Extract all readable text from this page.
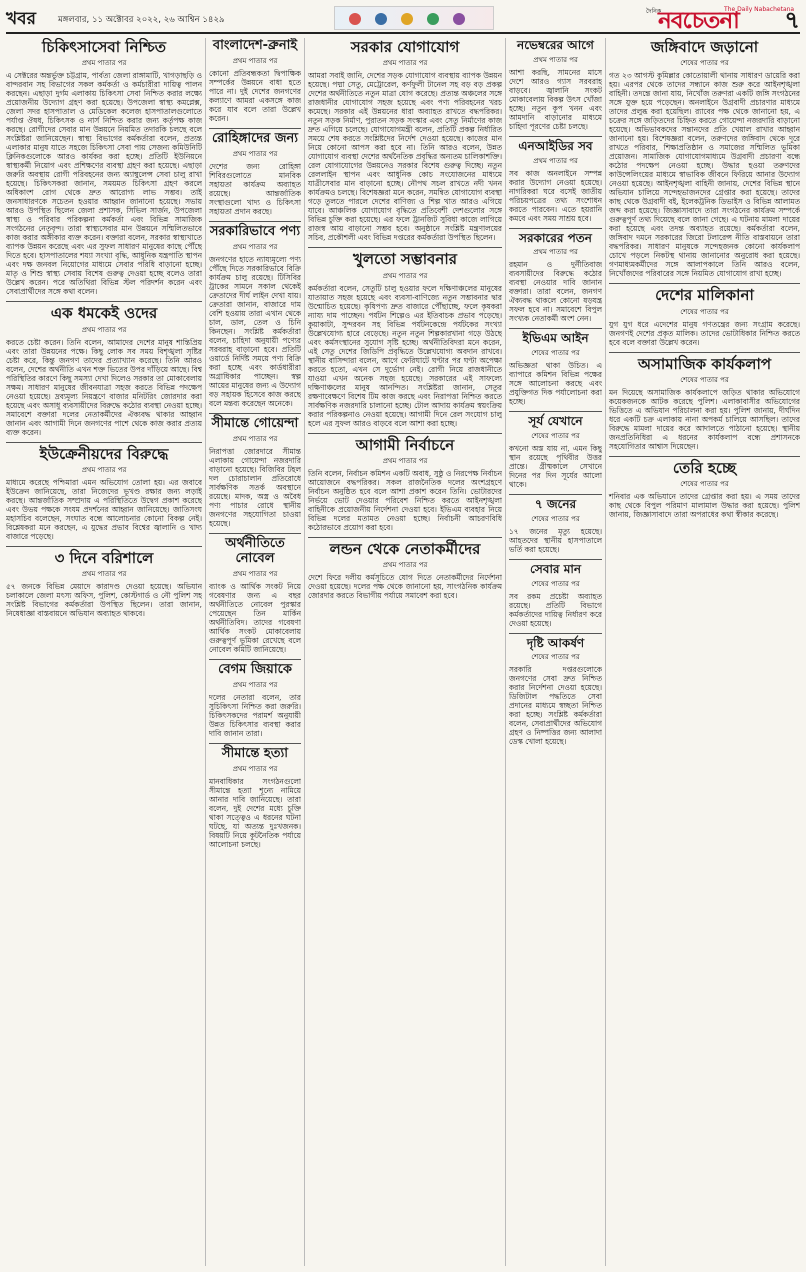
খবর	মঙ্গলবার, ১১ অক্টোবর ২০২২, ২৬ আশ্বিন ১৪২৯
দৈনিক
নবচেতনা
The Daily Nabachetana
৭
চিকিৎসাসেবা নিশ্চিত
প্রথম পাতার পর

এ সেক্টরের অন্তর্ভুক্ত চট্টগ্রাম, পার্বত্য জেলা রাঙ্গামাটি, খাগড়াছড়ি ও বান্দরবান সহ বিভাগের সকল কর্মকর্তা ও কর্মচারীরা দায়িত্ব পালন করছেন। এছাড়া দুর্গম এলাকায় চিকিৎসা সেবা নিশ্চিত করার লক্ষ্যে প্রয়োজনীয় উদ্যোগ গ্রহণ করা হয়েছে। উপজেলা স্বাস্থ্য কমপ্লেক্স, জেলা সদর হাসপাতাল ও মেডিকেল কলেজ হাসপাতালগুলোতে পর্যাপ্ত ঔষধ, চিকিৎসক ও নার্স নিশ্চিত করার জন্য কর্তৃপক্ষ কাজ করছে। রোগীদের সেবার মান উন্নয়নে নিয়মিত তদারকি চলছে বলে সংশ্লিষ্টরা জানিয়েছেন। স্বাস্থ্য বিভাগের কর্মকর্তারা বলেন, প্রত্যন্ত এলাকার মানুষ যাতে সহজে চিকিৎসা সেবা পায় সেজন্য কমিউনিটি ক্লিনিকগুলোকে আরও কার্যকর করা হচ্ছে। প্রতিটি ইউনিয়নে স্বাস্থ্যকর্মী নিয়োগ এবং প্রশিক্ষণের ব্যবস্থা গ্রহণ করা হয়েছে। এছাড়া জরুরি অবস্থায় রোগী পরিবহনের জন্য অ্যাম্বুলেন্স সেবা চালু রাখা হয়েছে। চিকিৎসকরা জানান, সময়মত চিকিৎসা গ্রহণ করলে অধিকাংশ রোগ থেকে দ্রুত আরোগ্য লাভ সম্ভব। তাই জনসাধারণকে সচেতন হওয়ার আহ্বান জানানো হয়েছে। সভায় আরও উপস্থিত ছিলেন জেলা প্রশাসক, সিভিল সার্জন, উপজেলা স্বাস্থ্য ও পরিবার পরিকল্পনা কর্মকর্তা এবং বিভিন্ন সামাজিক সংগঠনের নেতৃবৃন্দ। তারা স্বাস্থ্যসেবার মান উন্নয়নে সম্মিলিতভাবে কাজ করার অঙ্গীকার ব্যক্ত করেন। বক্তারা বলেন, সরকার স্বাস্থ্যখাতে ব্যাপক উন্নয়ন করেছে এবং এর সুফল সাধারণ মানুষের কাছে পৌঁছে দিতে হবে। হাসপাতালের শয্যা সংখ্যা বৃদ্ধি, আধুনিক যন্ত্রপাতি স্থাপন এবং দক্ষ জনবল নিয়োগের মাধ্যমে সেবার পরিধি বাড়ানো হচ্ছে। মাতৃ ও শিশু স্বাস্থ্য সেবায় বিশেষ গুরুত্ব দেওয়া হচ্ছে বলেও তারা উল্লেখ করেন। পরে অতিথিরা বিভিন্ন স্টল পরিদর্শন করেন এবং সেবাপ্রার্থীদের সঙ্গে কথা বলেন।

এক ধমকেই ওদের
প্রথম পাতার পর

করতে চেষ্টা করেন। তিনি বলেন, আমাদের দেশের মানুষ শান্তিপ্রিয় এবং তারা উন্নয়নের পক্ষে। কিছু লোক সব সময় বিশৃঙ্খলা সৃষ্টির চেষ্টা করে, কিন্তু জনগণ তাদের প্রত্যাখ্যান করেছে। তিনি আরও বলেন, দেশের অর্থনীতি এখন শক্ত ভিতের উপর দাঁড়িয়ে আছে। বিশ্ব পরিস্থিতির কারণে কিছু সমস্যা দেখা দিলেও সরকার তা মোকাবেলায় সক্ষম। সাধারণ মানুষের জীবনযাত্রা সহজ করতে বিভিন্ন পদক্ষেপ নেওয়া হয়েছে। দ্রব্যমূল্য নিয়ন্ত্রণে বাজার মনিটরিং জোরদার করা হয়েছে এবং অসাধু ব্যবসায়ীদের বিরুদ্ধে কঠোর ব্যবস্থা নেওয়া হচ্ছে। সমাবেশে বক্তারা দলের নেতাকর্মীদের ঐক্যবদ্ধ থাকার আহ্বান জানান এবং আগামী দিনে জনগণের পাশে থেকে কাজ করার প্রত্যয় ব্যক্ত করেন।

ইউক্রেনীয়দের বিরুদ্ধে
প্রথম পাতার পর

মাধ্যমে করেছে পশ্চিমারা এমন অভিযোগ তোলা হয়। এর জবাবে ইউক্রেন জানিয়েছে, তারা নিজেদের ভূখণ্ড রক্ষার জন্য লড়াই করছে। আন্তর্জাতিক সম্প্রদায় এ পরিস্থিতিতে উদ্বেগ প্রকাশ করেছে এবং উভয় পক্ষকে সংযম প্রদর্শনের আহ্বান জানিয়েছে। জাতিসংঘ মহাসচিব বলেছেন, সংঘাত বন্ধে আলোচনার কোনো বিকল্প নেই। বিশ্লেষকরা মনে করছেন, এ যুদ্ধের প্রভাব বিশ্বের জ্বালানি ও খাদ্য বাজারে পড়েছে।

৩ দিনে বরিশালে
প্রথম পাতার পর

৫৭ জনকে বিভিন্ন মেয়াদে কারাদণ্ড দেওয়া হয়েছে। অভিযান চলাকালে জেলা মৎস্য অফিস, পুলিশ, কোস্টগার্ড ও নৌ পুলিশ সহ সংশ্লিষ্ট বিভাগের কর্মকর্তারা উপস্থিত ছিলেন। তারা জানান, নিষেধাজ্ঞা বাস্তবায়নে অভিযান অব্যাহত থাকবে।

বাংলাদেশ-ব্রুনাই
প্রথম পাতার পর

কোনো প্রতিবন্ধকতা দ্বিপাক্ষিক সম্পর্কের উন্নয়নে বাধা হতে পারে না। দুই দেশের জনগণের কল্যাণে আমরা একসঙ্গে কাজ করে যাব বলে তারা উল্লেখ করেন।

রোহিঙ্গাদের জন্য
প্রথম পাতার পর

দেশের জন্য রোহিঙ্গা শিবিরগুলোতে মানবিক সহায়তা কার্যক্রম অব্যাহত রয়েছে। আন্তর্জাতিক সংস্থাগুলো খাদ্য ও চিকিৎসা সহায়তা প্রদান করছে।

সরকারিভাবে পণ্য
প্রথম পাতার পর

জনগণের হাতে ন্যায্যমূল্যে পণ্য পৌঁছে দিতে সরকারিভাবে বিক্রি কার্যক্রম চালু রয়েছে। টিসিবির ট্রাকের সামনে সকাল থেকেই ক্রেতাদের দীর্ঘ লাইন দেখা যায়। ক্রেতারা জানান, বাজারে দাম বেশি হওয়ায় তারা এখান থেকে চাল, ডাল, তেল ও চিনি কিনছেন। সংশ্লিষ্ট কর্মকর্তারা বলেন, চাহিদা অনুযায়ী পণ্যের সরবরাহ বাড়ানো হবে। প্রতিটি ওয়ার্ডে নির্দিষ্ট সময়ে পণ্য বিক্রি করা হচ্ছে এবং কার্ডধারীরা অগ্রাধিকার পাচ্ছেন। স্বল্প আয়ের মানুষের জন্য এ উদ্যোগ বড় সহায়ক হিসেবে কাজ করছে বলে মন্তব্য করেছেন অনেকে।

সীমান্তে গোয়েন্দা
প্রথম পাতার পর

নিরাপত্তা জোরদারে সীমান্ত এলাকায় গোয়েন্দা নজরদারি বাড়ানো হয়েছে। বিজিবির টহল দল চোরাচালান প্রতিরোধে সার্বক্ষণিক সতর্ক অবস্থানে রয়েছে। মাদক, অস্ত্র ও অবৈধ পণ্য পাচার রোধে স্থানীয় জনগণের সহযোগিতা চাওয়া হয়েছে।

অর্থনীতিতে নোবেল
প্রথম পাতার পর

ব্যাংক ও আর্থিক সংকট নিয়ে গবেষণার জন্য এ বছর অর্থনীতিতে নোবেল পুরস্কার পেয়েছেন তিন মার্কিন অর্থনীতিবিদ। তাদের গবেষণা আর্থিক সংকট মোকাবেলায় গুরুত্বপূর্ণ ভূমিকা রেখেছে বলে নোবেল কমিটি জানিয়েছে।

বেগম জিয়াকে
প্রথম পাতার পর

দলের নেতারা বলেন, তার সুচিকিৎসা নিশ্চিত করা জরুরি। চিকিৎসকদের পরামর্শ অনুযায়ী উন্নত চিকিৎসার ব্যবস্থা করার দাবি জানান তারা।

সীমান্তে হত্যা
প্রথম পাতার পর

মানবাধিকার সংগঠনগুলো সীমান্তে হত্যা শূন্যে নামিয়ে আনার দাবি জানিয়েছে। তারা বলেন, দুই দেশের মধ্যে চুক্তি থাকা সত্ত্বেও এ ধরনের ঘটনা ঘটছে, যা অত্যন্ত দুঃখজনক। বিষয়টি নিয়ে কূটনৈতিক পর্যায়ে আলোচনা চলছে।

সরকার যোগাযোগ
প্রথম পাতার পর

আমরা সবাই জানি, দেশের সড়ক যোগাযোগ ব্যবস্থায় ব্যাপক উন্নয়ন হয়েছে। পদ্মা সেতু, মেট্রোরেল, কর্ণফুলী টানেল সহ বড় বড় প্রকল্প দেশের অর্থনীতিতে নতুন মাত্রা যোগ করেছে। প্রত্যন্ত অঞ্চলের সঙ্গে রাজধানীর যোগাযোগ সহজ হয়েছে এবং পণ্য পরিবহনের খরচ কমেছে। সরকার এই উন্নয়নের ধারা অব্যাহত রাখতে বদ্ধপরিকর। নতুন সড়ক নির্মাণ, পুরাতন সড়ক সংস্কার এবং সেতু নির্মাণের কাজ দ্রুত এগিয়ে চলেছে। যোগাযোগমন্ত্রী বলেন, প্রতিটি প্রকল্প নির্ধারিত সময়ে শেষ করতে সংশ্লিষ্টদের নির্দেশ দেওয়া হয়েছে। কাজের মান নিয়ে কোনো আপস করা হবে না। তিনি আরও বলেন, উন্নত যোগাযোগ ব্যবস্থা দেশের অর্থনৈতিক প্রবৃদ্ধির অন্যতম চালিকাশক্তি। রেল যোগাযোগের উন্নয়নেও সরকার বিশেষ গুরুত্ব দিচ্ছে। নতুন রেললাইন স্থাপন এবং আধুনিক কোচ সংযোজনের মাধ্যমে যাত্রীসেবার মান বাড়ানো হচ্ছে। নৌপথ সচল রাখতে নদী খনন কার্যক্রমও চলছে। বিশেষজ্ঞরা মনে করেন, সমন্বিত যোগাযোগ ব্যবস্থা গড়ে তুলতে পারলে দেশের বাণিজ্য ও শিল্প খাত আরও এগিয়ে যাবে। আঞ্চলিক যোগাযোগ বৃদ্ধিতে প্রতিবেশী দেশগুলোর সঙ্গে বিভিন্ন চুক্তি করা হয়েছে। এর ফলে ট্রানজিট সুবিধা কাজে লাগিয়ে রাজস্ব আয় বাড়ানো সম্ভব হবে। অনুষ্ঠানে সংশ্লিষ্ট মন্ত্রণালয়ের সচিব, প্রকৌশলী এবং বিভিন্ন দপ্তরের কর্মকর্তারা উপস্থিত ছিলেন।

খুলতো সম্ভাবনার
প্রথম পাতার পর

কর্মকর্তারা বলেন, সেতুটি চালু হওয়ার ফলে দক্ষিণাঞ্চলের মানুষের যাতায়াত সহজ হয়েছে এবং ব্যবসা-বাণিজ্যে নতুন সম্ভাবনার দ্বার উন্মোচিত হয়েছে। কৃষিপণ্য দ্রুত বাজারে পৌঁছাচ্ছে, ফলে কৃষকরা ন্যায্য দাম পাচ্ছেন। পর্যটন শিল্পেও এর ইতিবাচক প্রভাব পড়েছে। কুয়াকাটা, সুন্দরবন সহ বিভিন্ন পর্যটনকেন্দ্রে পর্যটকের সংখ্যা উল্লেখযোগ্য হারে বেড়েছে। নতুন নতুন শিল্পকারখানা গড়ে উঠছে এবং কর্মসংস্থানের সুযোগ সৃষ্টি হচ্ছে। অর্থনীতিবিদরা মনে করেন, এই সেতু দেশের জিডিপি প্রবৃদ্ধিতে উল্লেখযোগ্য অবদান রাখবে। স্থানীয় বাসিন্দারা বলেন, আগে ফেরিঘাটে ঘণ্টার পর ঘণ্টা অপেক্ষা করতে হতো, এখন সে দুর্ভোগ নেই। রোগী নিয়ে রাজধানীতে যাওয়া এখন অনেক সহজ হয়েছে। সরকারের এই সাফল্যে দক্ষিণাঞ্চলের মানুষ আনন্দিত। সংশ্লিষ্টরা জানান, সেতুর রক্ষণাবেক্ষণে বিশেষ টিম কাজ করছে এবং নিরাপত্তা নিশ্চিত করতে সার্বক্ষণিক নজরদারি চালানো হচ্ছে। টোল আদায় কার্যক্রম স্বয়ংক্রিয় করার পরিকল্পনাও নেওয়া হয়েছে। আগামী দিনে রেল সংযোগ চালু হলে এর সুফল আরও বাড়বে বলে আশা করা হচ্ছে।

আগামী নির্বাচনে
প্রথম পাতার পর

তিনি বলেন, নির্বাচন কমিশন একটি অবাধ, সুষ্ঠু ও নিরপেক্ষ নির্বাচন আয়োজনে বদ্ধপরিকর। সকল রাজনৈতিক দলের অংশগ্রহণে নির্বাচন অনুষ্ঠিত হবে বলে আশা প্রকাশ করেন তিনি। ভোটারদের নির্ভয়ে ভোট দেওয়ার পরিবেশ নিশ্চিত করতে আইনশৃঙ্খলা বাহিনীকে প্রয়োজনীয় নির্দেশনা দেওয়া হবে। ইভিএম ব্যবহার নিয়ে বিভিন্ন দলের মতামত নেওয়া হচ্ছে। নির্বাচনী আচরণবিধি কঠোরভাবে প্রয়োগ করা হবে।

লন্ডন থেকে নেতাকর্মীদের
প্রথম পাতার পর

দেশে ফিরে দলীয় কর্মসূচিতে যোগ দিতে নেতাকর্মীদের নির্দেশনা দেওয়া হয়েছে। দলের পক্ষ থেকে জানানো হয়, সাংগঠনিক কার্যক্রম জোরদার করতে বিভাগীয় পর্যায়ে সমাবেশ করা হবে।

নভেম্বরের আগে
প্রথম পাতার পর

আশা করছি, সামনের মাসে দেশে আরও গ্যাস সরবরাহ বাড়বে। জ্বালানি সংকট মোকাবেলায় বিকল্প উৎস খোঁজা হচ্ছে। নতুন কূপ খনন এবং আমদানি বাড়ানোর মাধ্যমে চাহিদা পূরণের চেষ্টা চলছে।

এনআইডির সব
প্রথম পাতার পর

সব কাজ অনলাইনে সম্পন্ন করার উদ্যোগ নেওয়া হয়েছে। নাগরিকরা ঘরে বসেই জাতীয় পরিচয়পত্রের তথ্য সংশোধন করতে পারবেন। এতে হয়রানি কমবে এবং সময় সাশ্রয় হবে।

সরকারের পতন
প্রথম পাতার পর

রহমান ও দুর্নীতিবাজ ব্যবসায়ীদের বিরুদ্ধে কঠোর ব্যবস্থা নেওয়ার দাবি জানান বক্তারা। তারা বলেন, জনগণ ঐক্যবদ্ধ থাকলে কোনো ষড়যন্ত্র সফল হবে না। সমাবেশে বিপুল সংখ্যক নেতাকর্মী অংশ নেন।

ইভিএম আইন
শেষের পাতার পর

অভিজ্ঞতা থাকা উচিত। এ ব্যাপারে কমিশন বিভিন্ন পক্ষের সঙ্গে আলোচনা করছে এবং প্রযুক্তিগত দিক পর্যালোচনা করা হচ্ছে।

সূর্য যেখানে
শেষের পাতার পর

কখনো অস্ত যায় না, এমন কিছু স্থান রয়েছে পৃথিবীর উত্তর প্রান্তে। গ্রীষ্মকালে সেখানে দিনের পর দিন সূর্যের আলো থাকে।

৭ জনের
শেষের পাতার পর

১৭ জনের মৃত্যু হয়েছে। আহতদের স্থানীয় হাসপাতালে ভর্তি করা হয়েছে।

সেবার মান
শেষের পাতার পর

সব রকম প্রচেষ্টা অব্যাহত রয়েছে। প্রতিটি বিভাগে কর্মকর্তাদের দায়িত্ব নির্ধারণ করে দেওয়া হয়েছে।

দৃষ্টি আকর্ষণ
শেষের পাতার পর

সরকারি দপ্তরগুলোকে জনগণের সেবা দ্রুত নিশ্চিত করার নির্দেশনা দেওয়া হয়েছে। ডিজিটাল পদ্ধতিতে সেবা প্রদানের মাধ্যমে স্বচ্ছতা নিশ্চিত করা হচ্ছে। সংশ্লিষ্ট কর্মকর্তারা বলেন, সেবাপ্রার্থীদের অভিযোগ গ্রহণ ও নিষ্পত্তির জন্য আলাদা ডেস্ক খোলা হয়েছে।

জঙ্গিবাদে জড়ানো
শেষের পাতার পর

গত ২৩ আগস্ট কুমিল্লার কোতোয়ালী থানায় সাধারণ ডায়েরি করা হয়। এরপর থেকে তাদের সন্ধানে কাজ শুরু করে আইনশৃঙ্খলা বাহিনী। তদন্তে জানা যায়, নিখোঁজ তরুণরা একটি জঙ্গি সংগঠনের সঙ্গে যুক্ত হয়ে পড়েছেন। অনলাইনে উগ্রবাদী প্রচারণার মাধ্যমে তাদের প্রলুব্ধ করা হয়েছিল। র‍্যাবের পক্ষ থেকে জানানো হয়, এ চক্রের সঙ্গে জড়িতদের চিহ্নিত করতে গোয়েন্দা নজরদারি বাড়ানো হয়েছে। অভিভাবকদের সন্তানদের প্রতি খেয়াল রাখার আহ্বান জানানো হয়। বিশেষজ্ঞরা বলেন, তরুণদের জঙ্গিবাদ থেকে দূরে রাখতে পরিবার, শিক্ষাপ্রতিষ্ঠান ও সমাজের সম্মিলিত ভূমিকা প্রয়োজন। সামাজিক যোগাযোগমাধ্যমে উগ্রবাদী প্রচারণা বন্ধে কঠোর পদক্ষেপ নেওয়া হচ্ছে। উদ্ধার হওয়া তরুণদের কাউন্সেলিংয়ের মাধ্যমে স্বাভাবিক জীবনে ফিরিয়ে আনার উদ্যোগ নেওয়া হয়েছে। আইনশৃঙ্খলা বাহিনী জানায়, দেশের বিভিন্ন স্থানে অভিযান চালিয়ে সন্দেহভাজনদের গ্রেপ্তার করা হয়েছে। তাদের কাছ থেকে উগ্রবাদী বই, ইলেকট্রনিক ডিভাইস ও বিভিন্ন আলামত জব্দ করা হয়েছে। জিজ্ঞাসাবাদে তারা সংগঠনের কার্যক্রম সম্পর্কে গুরুত্বপূর্ণ তথ্য দিয়েছে বলে জানা গেছে। এ ঘটনায় মামলা দায়ের করা হয়েছে এবং তদন্ত অব্যাহত রয়েছে। কর্মকর্তারা বলেন, জঙ্গিবাদ দমনে সরকারের জিরো টলারেন্স নীতি বাস্তবায়নে তারা বদ্ধপরিকর। সাধারণ মানুষকে সন্দেহজনক কোনো কার্যকলাপ চোখে পড়লে নিকটস্থ থানায় জানানোর অনুরোধ করা হয়েছে। গণমাধ্যমকর্মীদের সঙ্গে আলাপকালে তিনি আরও বলেন, নিখোঁজদের পরিবারের সঙ্গে নিয়মিত যোগাযোগ রাখা হচ্ছে।

দেশের মালিকানা
শেষের পাতার পর

যুগ যুগ ধরে এদেশের মানুষ গণতন্ত্রের জন্য সংগ্রাম করেছে। জনগণই দেশের প্রকৃত মালিক। তাদের ভোটাধিকার নিশ্চিত করতে হবে বলে বক্তারা উল্লেখ করেন।

অসামাজিক কার্যকলাপ
শেষের পাতার পর

মন দিয়েছে অসামাজিক কার্যকলাপে জড়িত থাকার অভিযোগে কয়েকজনকে আটক করেছে পুলিশ। এলাকাবাসীর অভিযোগের ভিত্তিতে এ অভিযান পরিচালনা করা হয়। পুলিশ জানায়, দীর্ঘদিন ধরে একটি চক্র এলাকায় নানা অপকর্ম চালিয়ে আসছিল। তাদের বিরুদ্ধে মামলা দায়ের করে আদালতে পাঠানো হয়েছে। স্থানীয় জনপ্রতিনিধিরা এ ধরনের কার্যকলাপ বন্ধে প্রশাসনকে সহযোগিতার আশ্বাস দিয়েছেন।

তেরি হচ্ছে
শেষের পাতার পর

শনিবার এক অভিযানে তাদের গ্রেপ্তার করা হয়। এ সময় তাদের কাছ থেকে বিপুল পরিমাণ মালামাল উদ্ধার করা হয়েছে। পুলিশ জানায়, জিজ্ঞাসাবাদে তারা অপরাধের কথা স্বীকার করেছে।
